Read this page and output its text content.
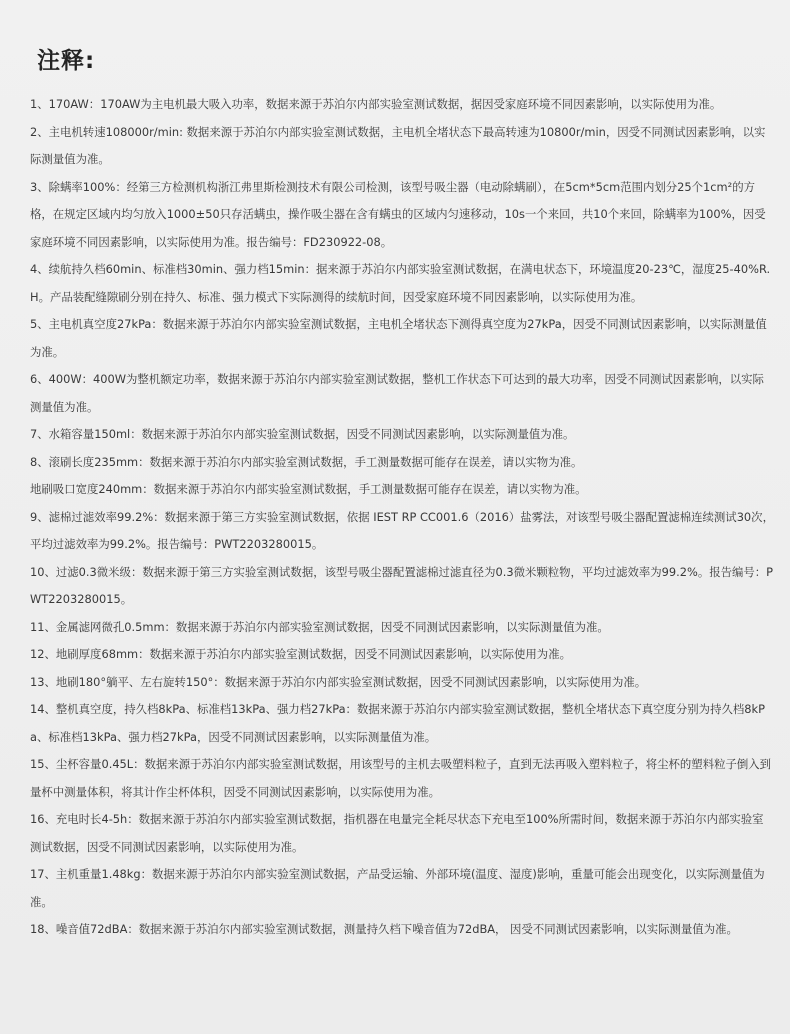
注释:
1、170AW：170AW为主电机最大吸入功率，数据来源于苏泊尔内部实验室测试数据，据因受家庭环境不同因素影响，以实际使用为准。
2、主电机转速108000r/min: 数据来源于苏泊尔内部实验室测试数据，主电机全堵状态下最高转速为10800r/min，因受不同测试因素影响，以实际测量值为准。
3、除螨率100%：经第三方检测机构浙江弗里斯检测技术有限公司检测，该型号吸尘器（电动除螨刷），在5cm*5cm范围内划分25个1cm²的方格，在规定区域内均匀放入1000±50只存活螨虫，操作吸尘器在含有螨虫的区域内匀速移动，10s一个来回，共10个来回，除螨率为100%，因受家庭环境不同因素影响，以实际使用为准。报告编号：FD230922-08。
4、续航持久档60min、标准档30min、强力档15min：据来源于苏泊尔内部实验室测试数据，在满电状态下，环境温度20-23℃，湿度25-40%R.H。产品装配缝隙刷分别在持久、标准、强力模式下实际测得的续航时间，因受家庭环境不同因素影响，以实际使用为准。
5、主电机真空度27kPa：数据来源于苏泊尔内部实验室测试数据，主电机全堵状态下测得真空度为27kPa，因受不同测试因素影响，以实际测量值为准。
6、400W：400W为整机额定功率，数据来源于苏泊尔内部实验室测试数据，整机工作状态下可达到的最大功率，因受不同测试因素影响，以实际测量值为准。
7、水箱容量150ml：数据来源于苏泊尔内部实验室测试数据，因受不同测试因素影响，以实际测量值为准。
8、滚刷长度235mm：数据来源于苏泊尔内部实验室测试数据，手工测量数据可能存在误差，请以实物为准。
地刷吸口宽度240mm：数据来源于苏泊尔内部实验室测试数据，手工测量数据可能存在误差，请以实物为准。
9、滤棉过滤效率99.2%：数据来源于第三方实验室测试数据，依据 IEST RP CC001.6（2016）盐雾法，对该型号吸尘器配置滤棉连续测试30次，平均过滤效率为99.2%。报告编号：PWT2203280015。
10、过滤0.3微米级：数据来源于第三方实验室测试数据，该型号吸尘器配置滤棉过滤直径为0.3微米颗粒物，平均过滤效率为99.2%。报告编号：PWT2203280015。
11、金属滤网微孔0.5mm：数据来源于苏泊尔内部实验室测试数据，因受不同测试因素影响，以实际测量值为准。
12、地刷厚度68mm：数据来源于苏泊尔内部实验室测试数据，因受不同测试因素影响，以实际使用为准。
13、地刷180°躺平、左右旋转150°：数据来源于苏泊尔内部实验室测试数据，因受不同测试因素影响，以实际使用为准。
14、整机真空度，持久档8kPa、标准档13kPa、强力档27kPa：数据来源于苏泊尔内部实验室测试数据，整机全堵状态下真空度分别为持久档8kPa、标准档13kPa、强力档27kPa，因受不同测试因素影响，以实际测量值为准。
15、尘杯容量0.45L：数据来源于苏泊尔内部实验室测试数据，用该型号的主机去吸塑料粒子，直到无法再吸入塑料粒子，将尘杯的塑料粒子倒入到量杯中测量体积，将其计作尘杯体积，因受不同测试因素影响，以实际使用为准。
16、充电时长4-5h：数据来源于苏泊尔内部实验室测试数据，指机器在电量完全耗尽状态下充电至100%所需时间，数据来源于苏泊尔内部实验室测试数据，因受不同测试因素影响，以实际使用为准。
17、主机重量1.48kg：数据来源于苏泊尔内部实验室测试数据，产品受运输、外部环境(温度、湿度)影响，重量可能会出现变化，以实际测量值为准。
18、噪音值72dBA：数据来源于苏泊尔内部实验室测试数据，测量持久档下噪音值为72dBA， 因受不同测试因素影响，以实际测量值为准。
